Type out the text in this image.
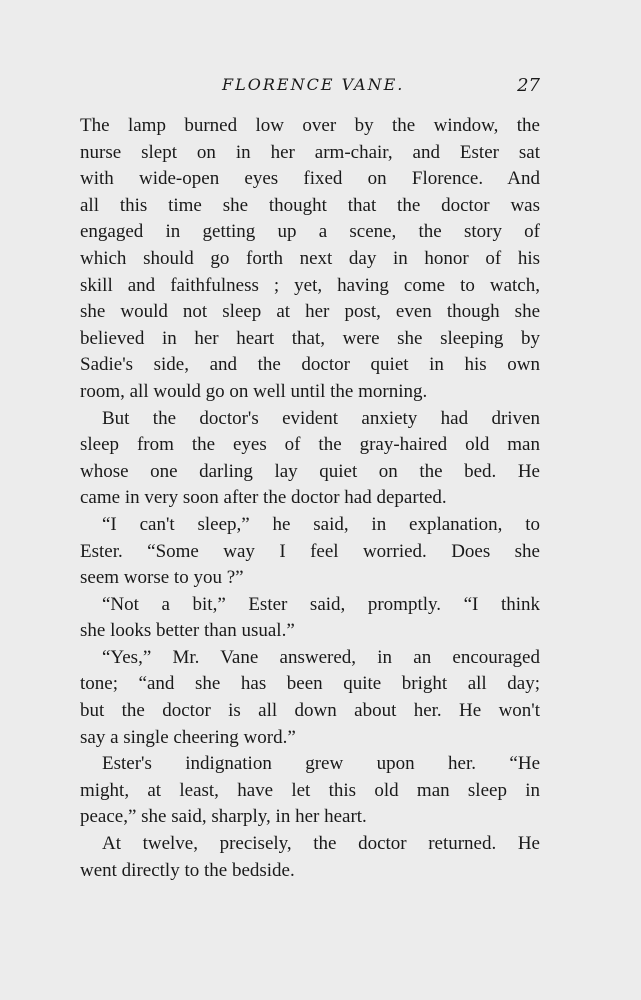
FLORENCE VANE.	27

The lamp burned low over by the window, the
nurse slept on in her arm-chair, and Ester sat
with wide-open eyes fixed on Florence. And
all this time she thought that the doctor was
engaged in getting up a scene, the story of
which should go forth next day in honor of his
skill and faithfulness ; yet, having come to watch,
she would not sleep at her post, even though she
believed in her heart that, were she sleeping by
Sadie's side, and the doctor quiet in his own
room, all would go on well until the morning.

But the doctor's evident anxiety had driven
sleep from the eyes of the gray-haired old man
whose one darling lay quiet on the bed. He
came in very soon after the doctor had departed.

“I can't sleep,” he said, in explanation, to
Ester. “Some way I feel worried. Does she
seem worse to you ?”

“Not a bit,” Ester said, promptly. “I think
she looks better than usual.”

“Yes,” Mr. Vane answered, in an encouraged
tone; “and she has been quite bright all day;
but the doctor is all down about her. He won't
say a single cheering word.”

Ester's indignation grew upon her. “He
might, at least, have let this old man sleep in
peace,” she said, sharply, in her heart.

At twelve, precisely, the doctor returned. He
went directly to the bedside.
